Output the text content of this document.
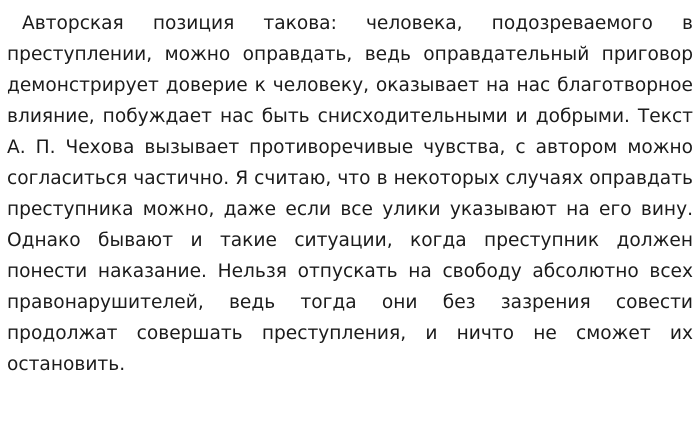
Авторская позиция такова: человека, подозреваемого в преступлении, можно оправдать, ведь оправдательный приговор демонстрирует доверие к человеку, оказывает на нас благотворное влияние, побуждает нас быть снисходительными и добрыми. Текст А. П. Чехова вызывает противоречивые чувства, с автором можно согласиться частично. Я считаю, что в некоторых случаях оправдать преступника можно, даже если все улики указывают на его вину. Однако бывают и такие ситуации, когда преступник должен понести наказание. Нельзя отпускать на свободу абсолютно всех правонарушителей, ведь тогда они без зазрения совести продолжат совершать преступления, и ничто не сможет их остановить.
